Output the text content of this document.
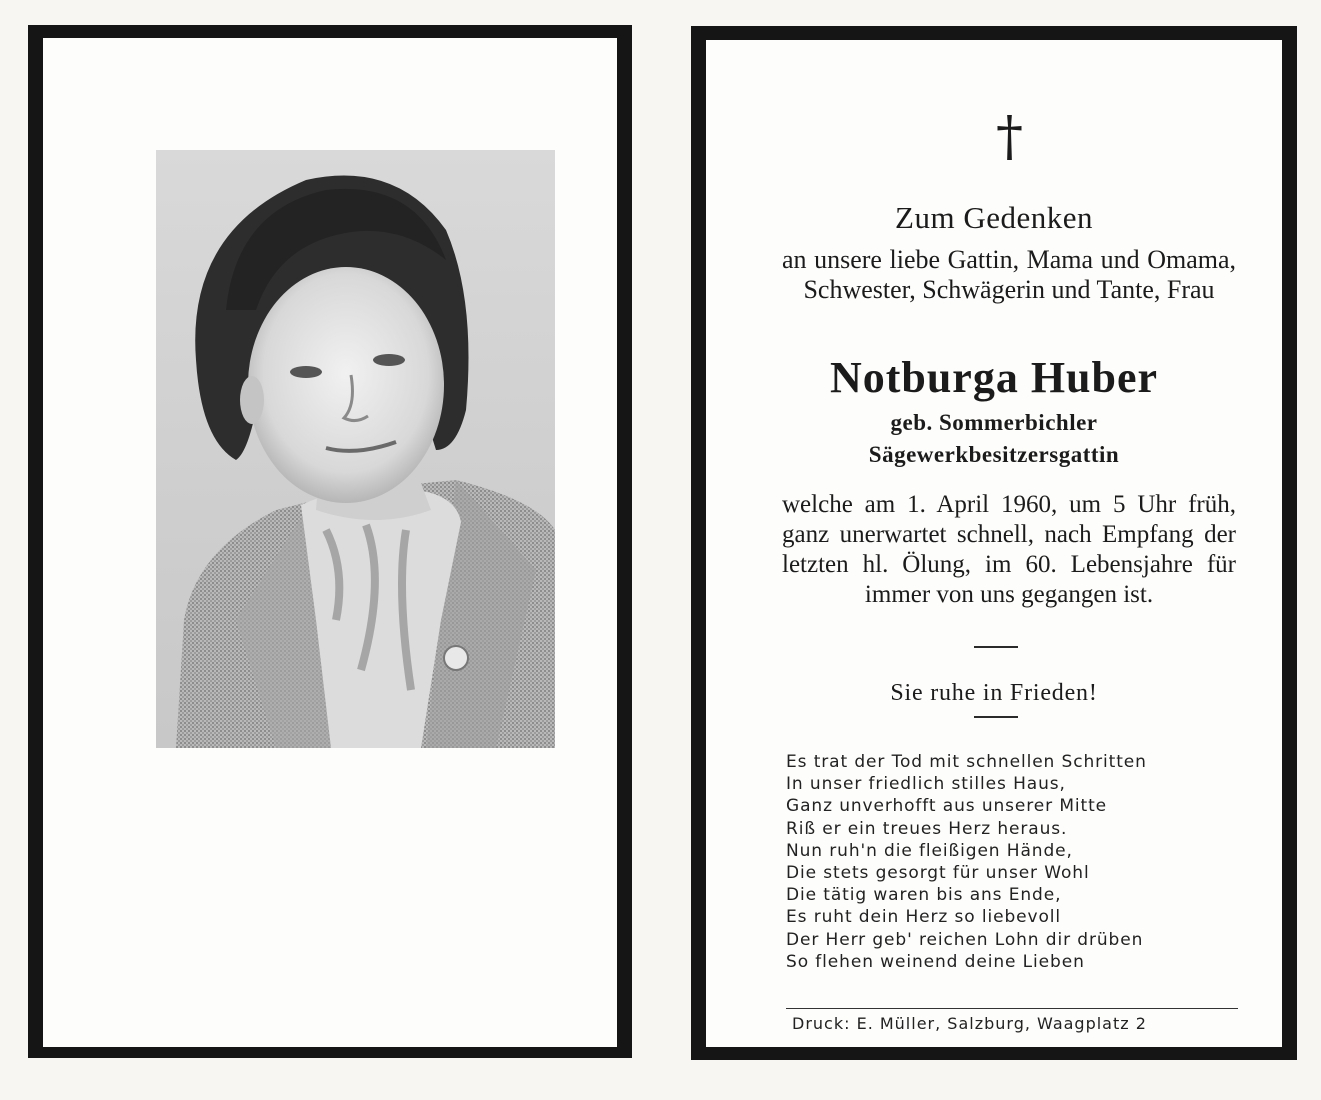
†
Zum Gedenken
an unsere liebe Gattin, Mama und Omama, Schwester, Schwägerin und Tante, Frau
Notburga Huber
geb. Sommerbichler
Sägewerkbesitzersgattin
welche am 1. April 1960, um 5 Uhr früh, ganz unerwartet schnell, nach Empfang der letzten hl. Ölung, im 60. Lebensjahre für immer von uns gegangen ist.
Sie ruhe in Frieden!
Es trat der Tod mit schnellen Schritten
In unser friedlich stilles Haus,
Ganz unverhofft aus unserer Mitte
Riß er ein treues Herz heraus.
Nun ruh'n die fleißigen Hände,
Die stets gesorgt für unser Wohl
Die tätig waren bis ans Ende,
Es ruht dein Herz so liebevoll
Der Herr geb' reichen Lohn dir drüben
So flehen weinend deine Lieben
Druck: E. Müller, Salzburg, Waagplatz 2
